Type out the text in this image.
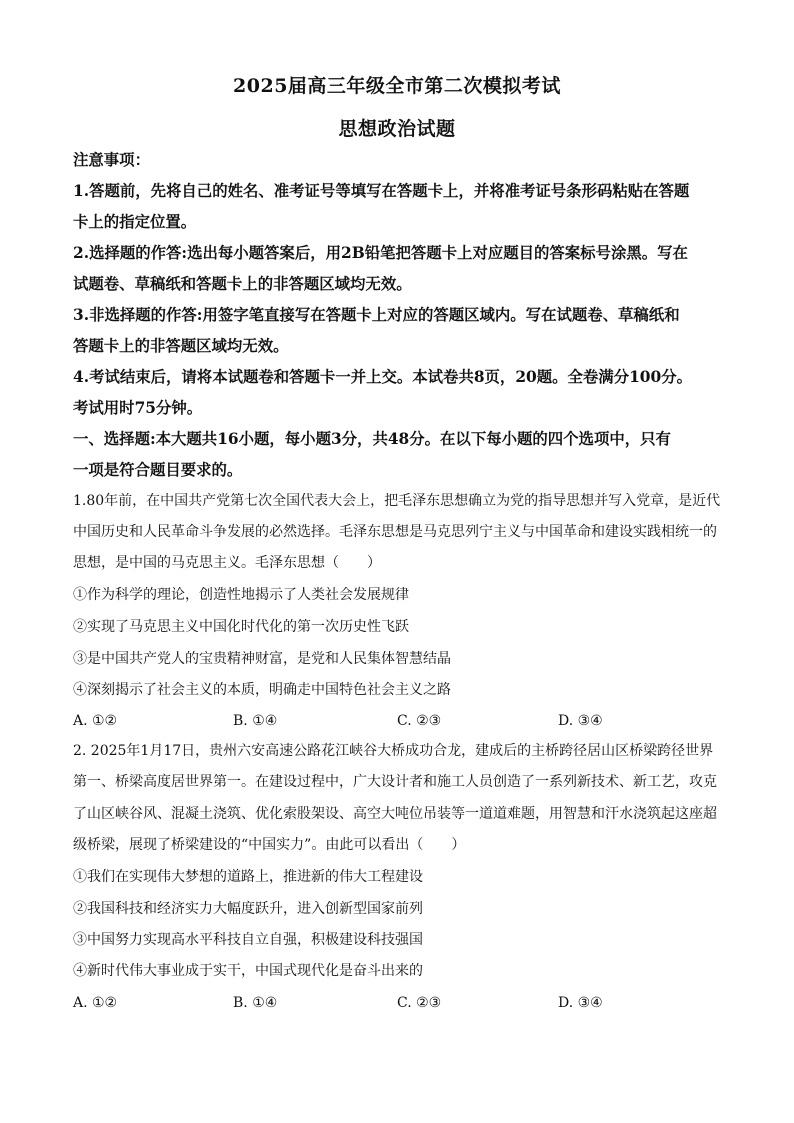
2025届高三年级全市第二次模拟考试
思想政治试题
注意事项：
1.答题前，先将自己的姓名、准考证号等填写在答题卡上，并将准考证号条形码粘贴在答题
卡上的指定位置。
2.选择题的作答:选出每小题答案后，用2B铅笔把答题卡上对应题目的答案标号涂黑。写在
试题卷、草稿纸和答题卡上的非答题区域均无效。
3.非选择题的作答:用签字笔直接写在答题卡上对应的答题区域内。写在试题卷、草稿纸和
答题卡上的非答题区域均无效。
4.考试结束后，请将本试题卷和答题卡一并上交。本试卷共8页，20题。全卷满分100分。
考试用时75分钟。
一、选择题:本大题共16小题，每小题3分，共48分。在以下每小题的四个选项中，只有
一项是符合题目要求的。
1.80年前，在中国共产党第七次全国代表大会上，把毛泽东思想确立为党的指导思想并写入党章，是近代
中国历史和人民革命斗争发展的必然选择。毛泽东思想是马克思列宁主义与中国革命和建设实践相统一的
思想，是中国的马克思主义。毛泽东思想（　　）
①作为科学的理论，创造性地揭示了人类社会发展规律
②实现了马克思主义中国化时代化的第一次历史性飞跃
③是中国共产党人的宝贵精神财富，是党和人民集体智慧结晶
④深刻揭示了社会主义的本质，明确走中国特色社会主义之路
A. ①②	B. ①④	C. ②③	D. ③④
2. 2025年1月17日，贵州六安高速公路花江峡谷大桥成功合龙，建成后的主桥跨径居山区桥梁跨径世界
第一、桥梁高度居世界第一。在建设过程中，广大设计者和施工人员创造了一系列新技术、新工艺，攻克
了山区峡谷风、混凝土浇筑、优化索股架设、高空大吨位吊装等一道道难题，用智慧和汗水浇筑起这座超
级桥梁，展现了桥梁建设的“中国实力”。由此可以看出（　　）
①我们在实现伟大梦想的道路上，推进新的伟大工程建设
②我国科技和经济实力大幅度跃升，进入创新型国家前列
③中国努力实现高水平科技自立自强，积极建设科技强国
④新时代伟大事业成于实干，中国式现代化是奋斗出来的
A. ①②	B. ①④	C. ②③	D. ③④
